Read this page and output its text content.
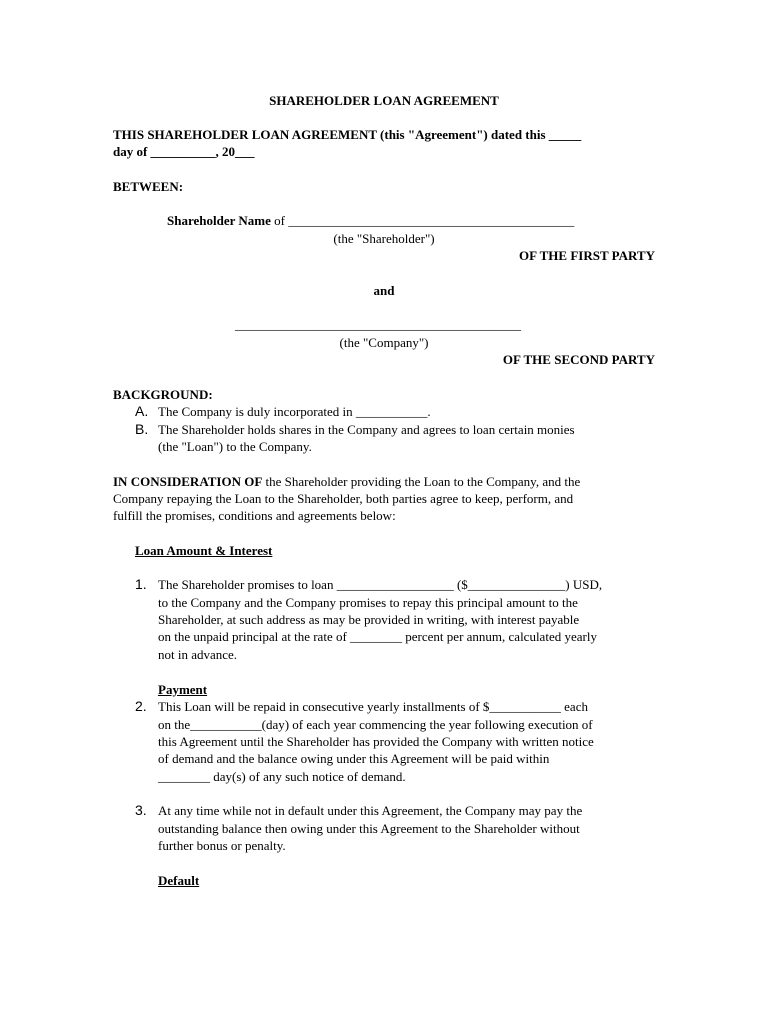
SHAREHOLDER LOAN AGREEMENT
THIS SHAREHOLDER LOAN AGREEMENT (this "Agreement") dated this _____
day of __________, 20___
BETWEEN:
Shareholder Name of ____________________________________________
(the "Shareholder")
OF THE FIRST PARTY
and
____________________________________________
(the "Company")
OF THE SECOND PARTY
BACKGROUND:
A. The Company is duly incorporated in ___________.
B. The Shareholder holds shares in the Company and agrees to loan certain monies
(the "Loan") to the Company.
IN CONSIDERATION OF the Shareholder providing the Loan to the Company, and the
Company repaying the Loan to the Shareholder, both parties agree to keep, perform, and
fulfill the promises, conditions and agreements below:
Loan Amount & Interest
1. The Shareholder promises to loan __________________ ($_______________) USD,
to the Company and the Company promises to repay this principal amount to the
Shareholder, at such address as may be provided in writing, with interest payable
on the unpaid principal at the rate of ________ percent per annum, calculated yearly
not in advance.
Payment
2. This Loan will be repaid in consecutive yearly installments of $___________ each
on the___________(day) of each year commencing the year following execution of
this Agreement until the Shareholder has provided the Company with written notice
of demand and the balance owing under this Agreement will be paid within
________ day(s) of any such notice of demand.
3. At any time while not in default under this Agreement, the Company may pay the
outstanding balance then owing under this Agreement to the Shareholder without
further bonus or penalty.
Default
